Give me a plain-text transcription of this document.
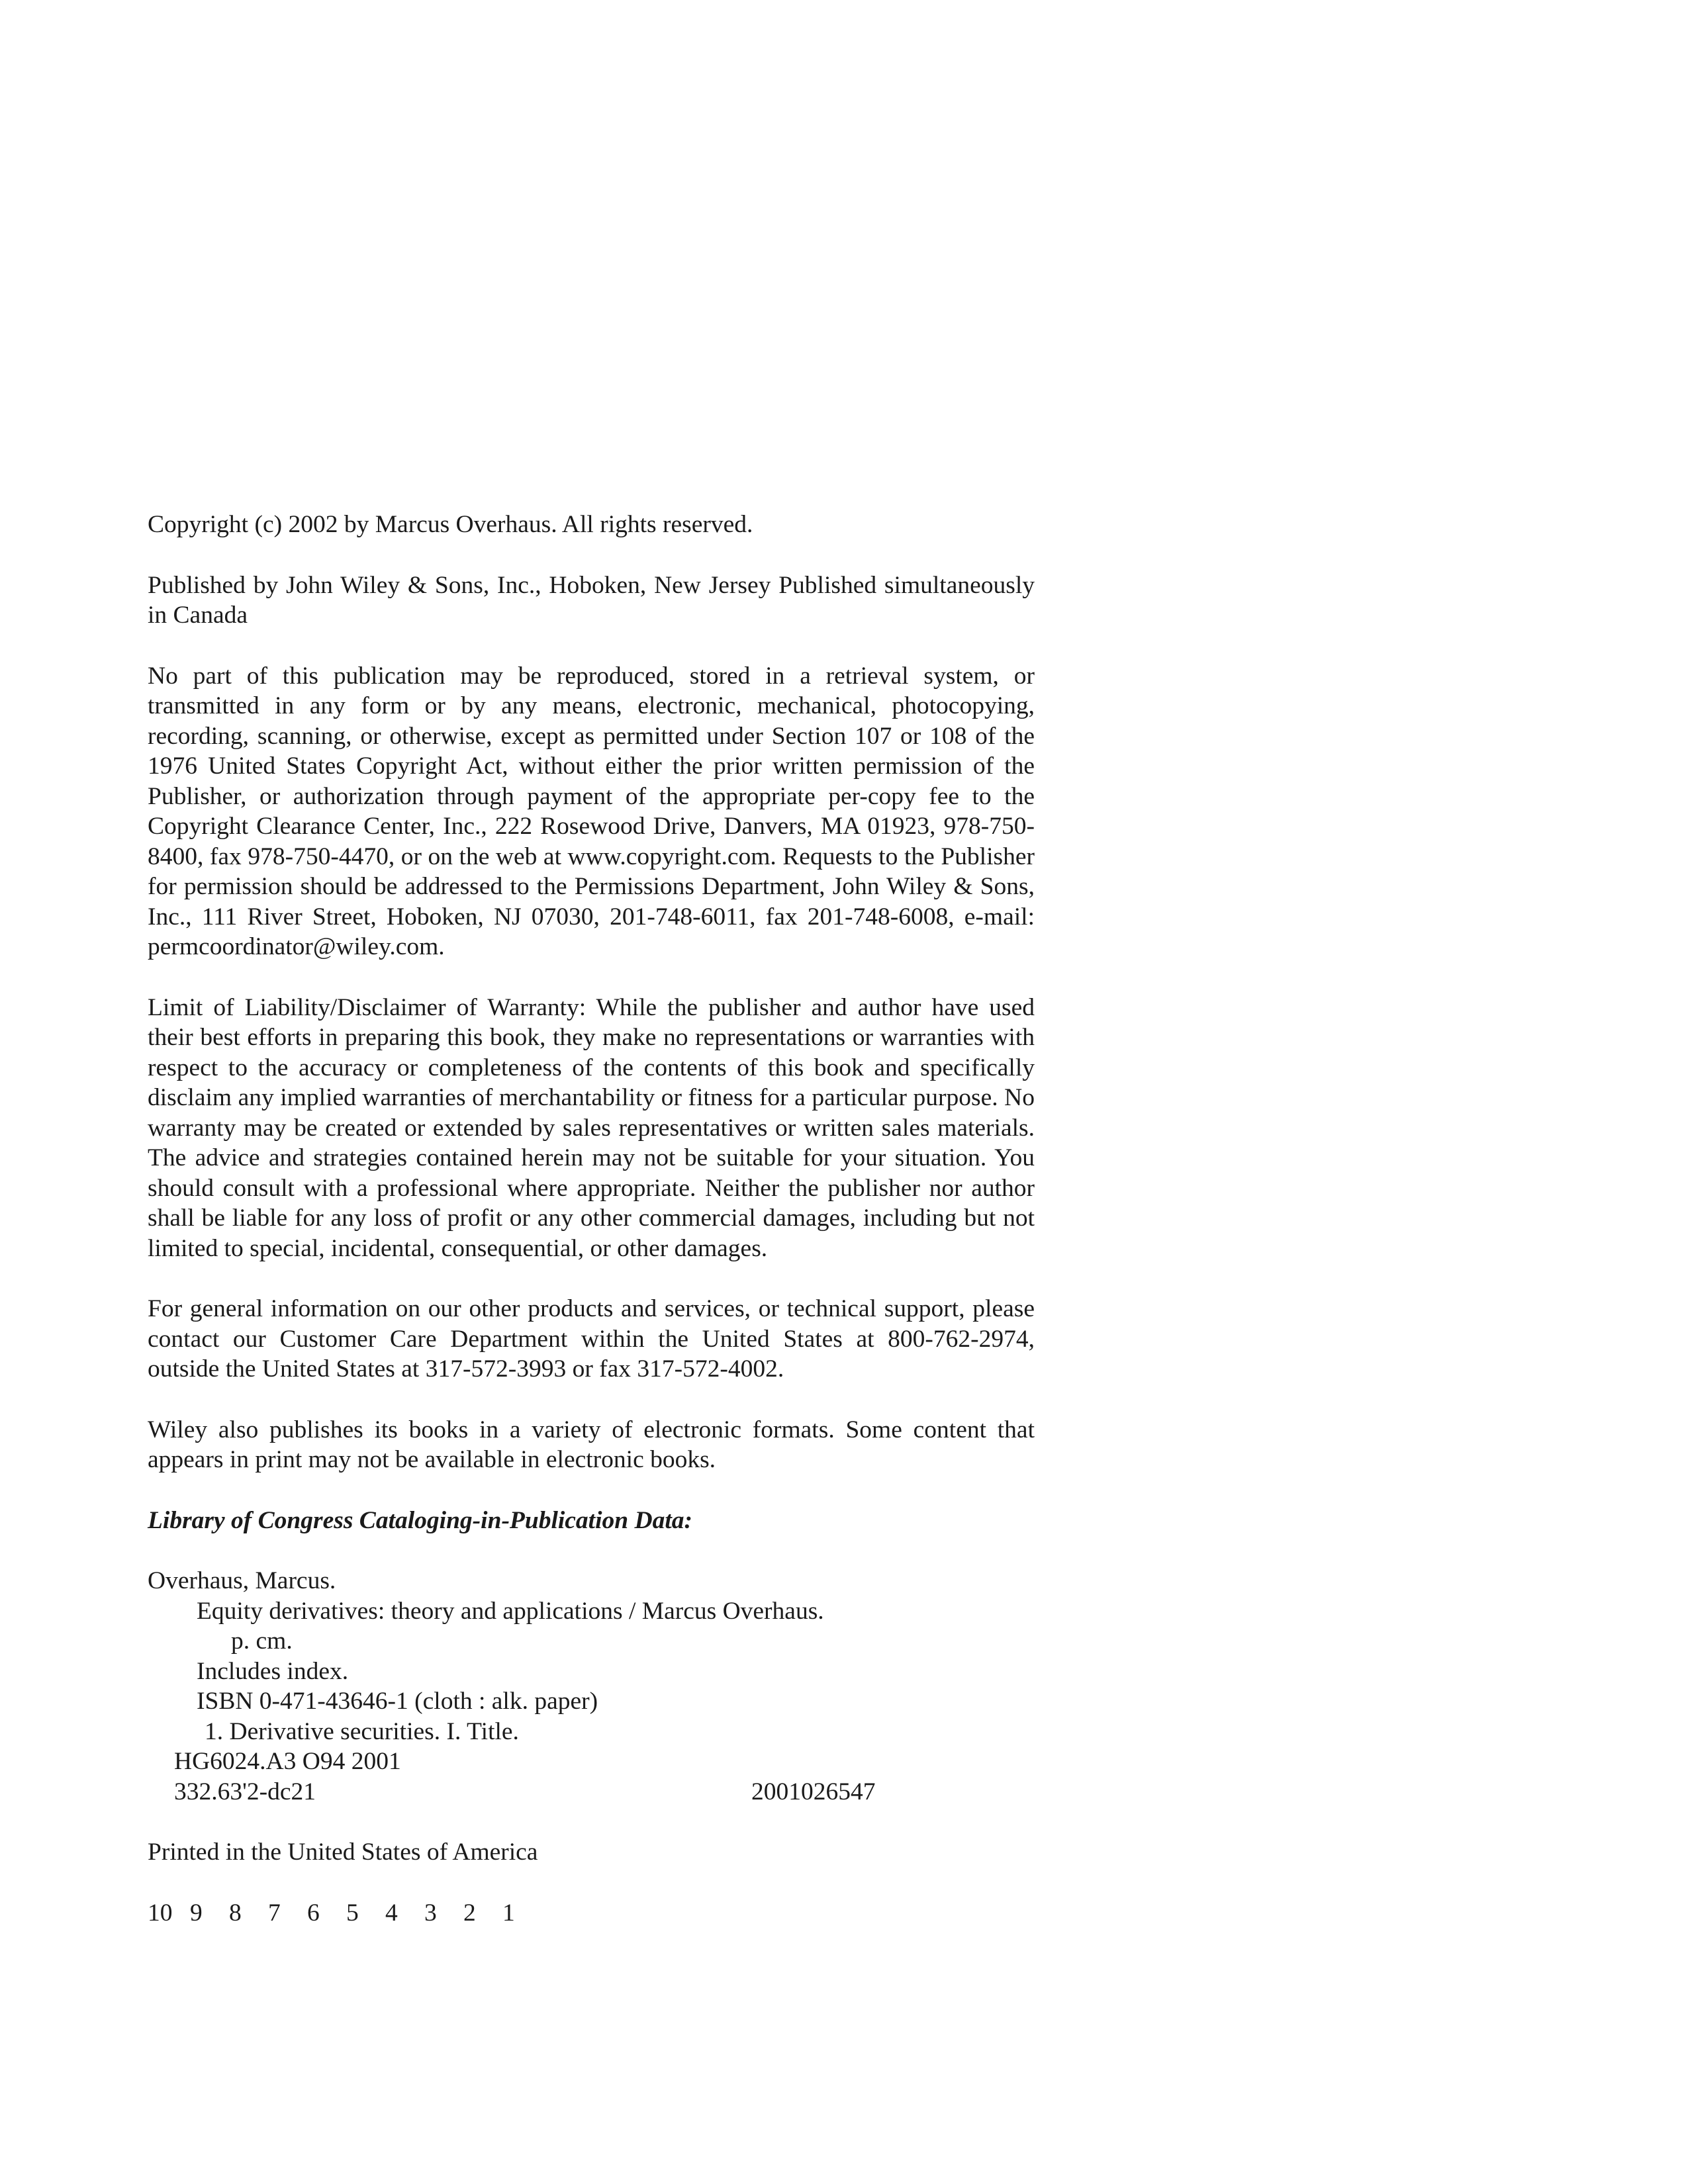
Copyright (c) 2002 by Marcus Overhaus. All rights reserved.

Published by John Wiley & Sons, Inc., Hoboken, New Jersey Published simultaneously in Canada

No part of this publication may be reproduced, stored in a retrieval system, or transmitted in any form or by any means, electronic, mechanical, photocopying, recording, scanning, or otherwise, except as permitted under Section 107 or 108 of the 1976 United States Copyright Act, without either the prior written permission of the Publisher, or authorization through payment of the appropriate per-copy fee to the Copyright Clearance Center, Inc., 222 Rosewood Drive, Danvers, MA 01923, 978-750-8400, fax 978-750-4470, or on the web at www.copyright.com. Requests to the Publisher for permission should be addressed to the Permissions Department, John Wiley & Sons, Inc., 111 River Street, Hoboken, NJ 07030, 201-748-6011, fax 201-748-6008, e-mail: permcoordinator@wiley.com.

Limit of Liability/Disclaimer of Warranty: While the publisher and author have used their best efforts in preparing this book, they make no representations or warranties with respect to the accuracy or completeness of the contents of this book and specifically disclaim any implied warranties of merchantability or fitness for a particular purpose. No warranty may be created or extended by sales representatives or written sales materials. The advice and strategies contained herein may not be suitable for your situation. You should consult with a professional where appropriate. Neither the publisher nor author shall be liable for any loss of profit or any other commercial damages, including but not limited to special, incidental, consequential, or other damages.

For general information on our other products and services, or technical support, please contact our Customer Care Department within the United States at 800-762-2974, outside the United States at 317-572-3993 or fax 317-572-4002.

Wiley also publishes its books in a variety of electronic formats. Some content that appears in print may not be available in electronic books.

Library of Congress Cataloging-in-Publication Data:
Overhaus, Marcus.
Equity derivatives: theory and applications / Marcus Overhaus.
p. cm.
Includes index.
ISBN 0-471-43646-1 (cloth : alk. paper)
1. Derivative securities. I. Title.
HG6024.A3 O94 2001
332.63'2-dc21	2001026547

Printed in the United States of America

10 9	8	7	6	5	4	3	2	1
